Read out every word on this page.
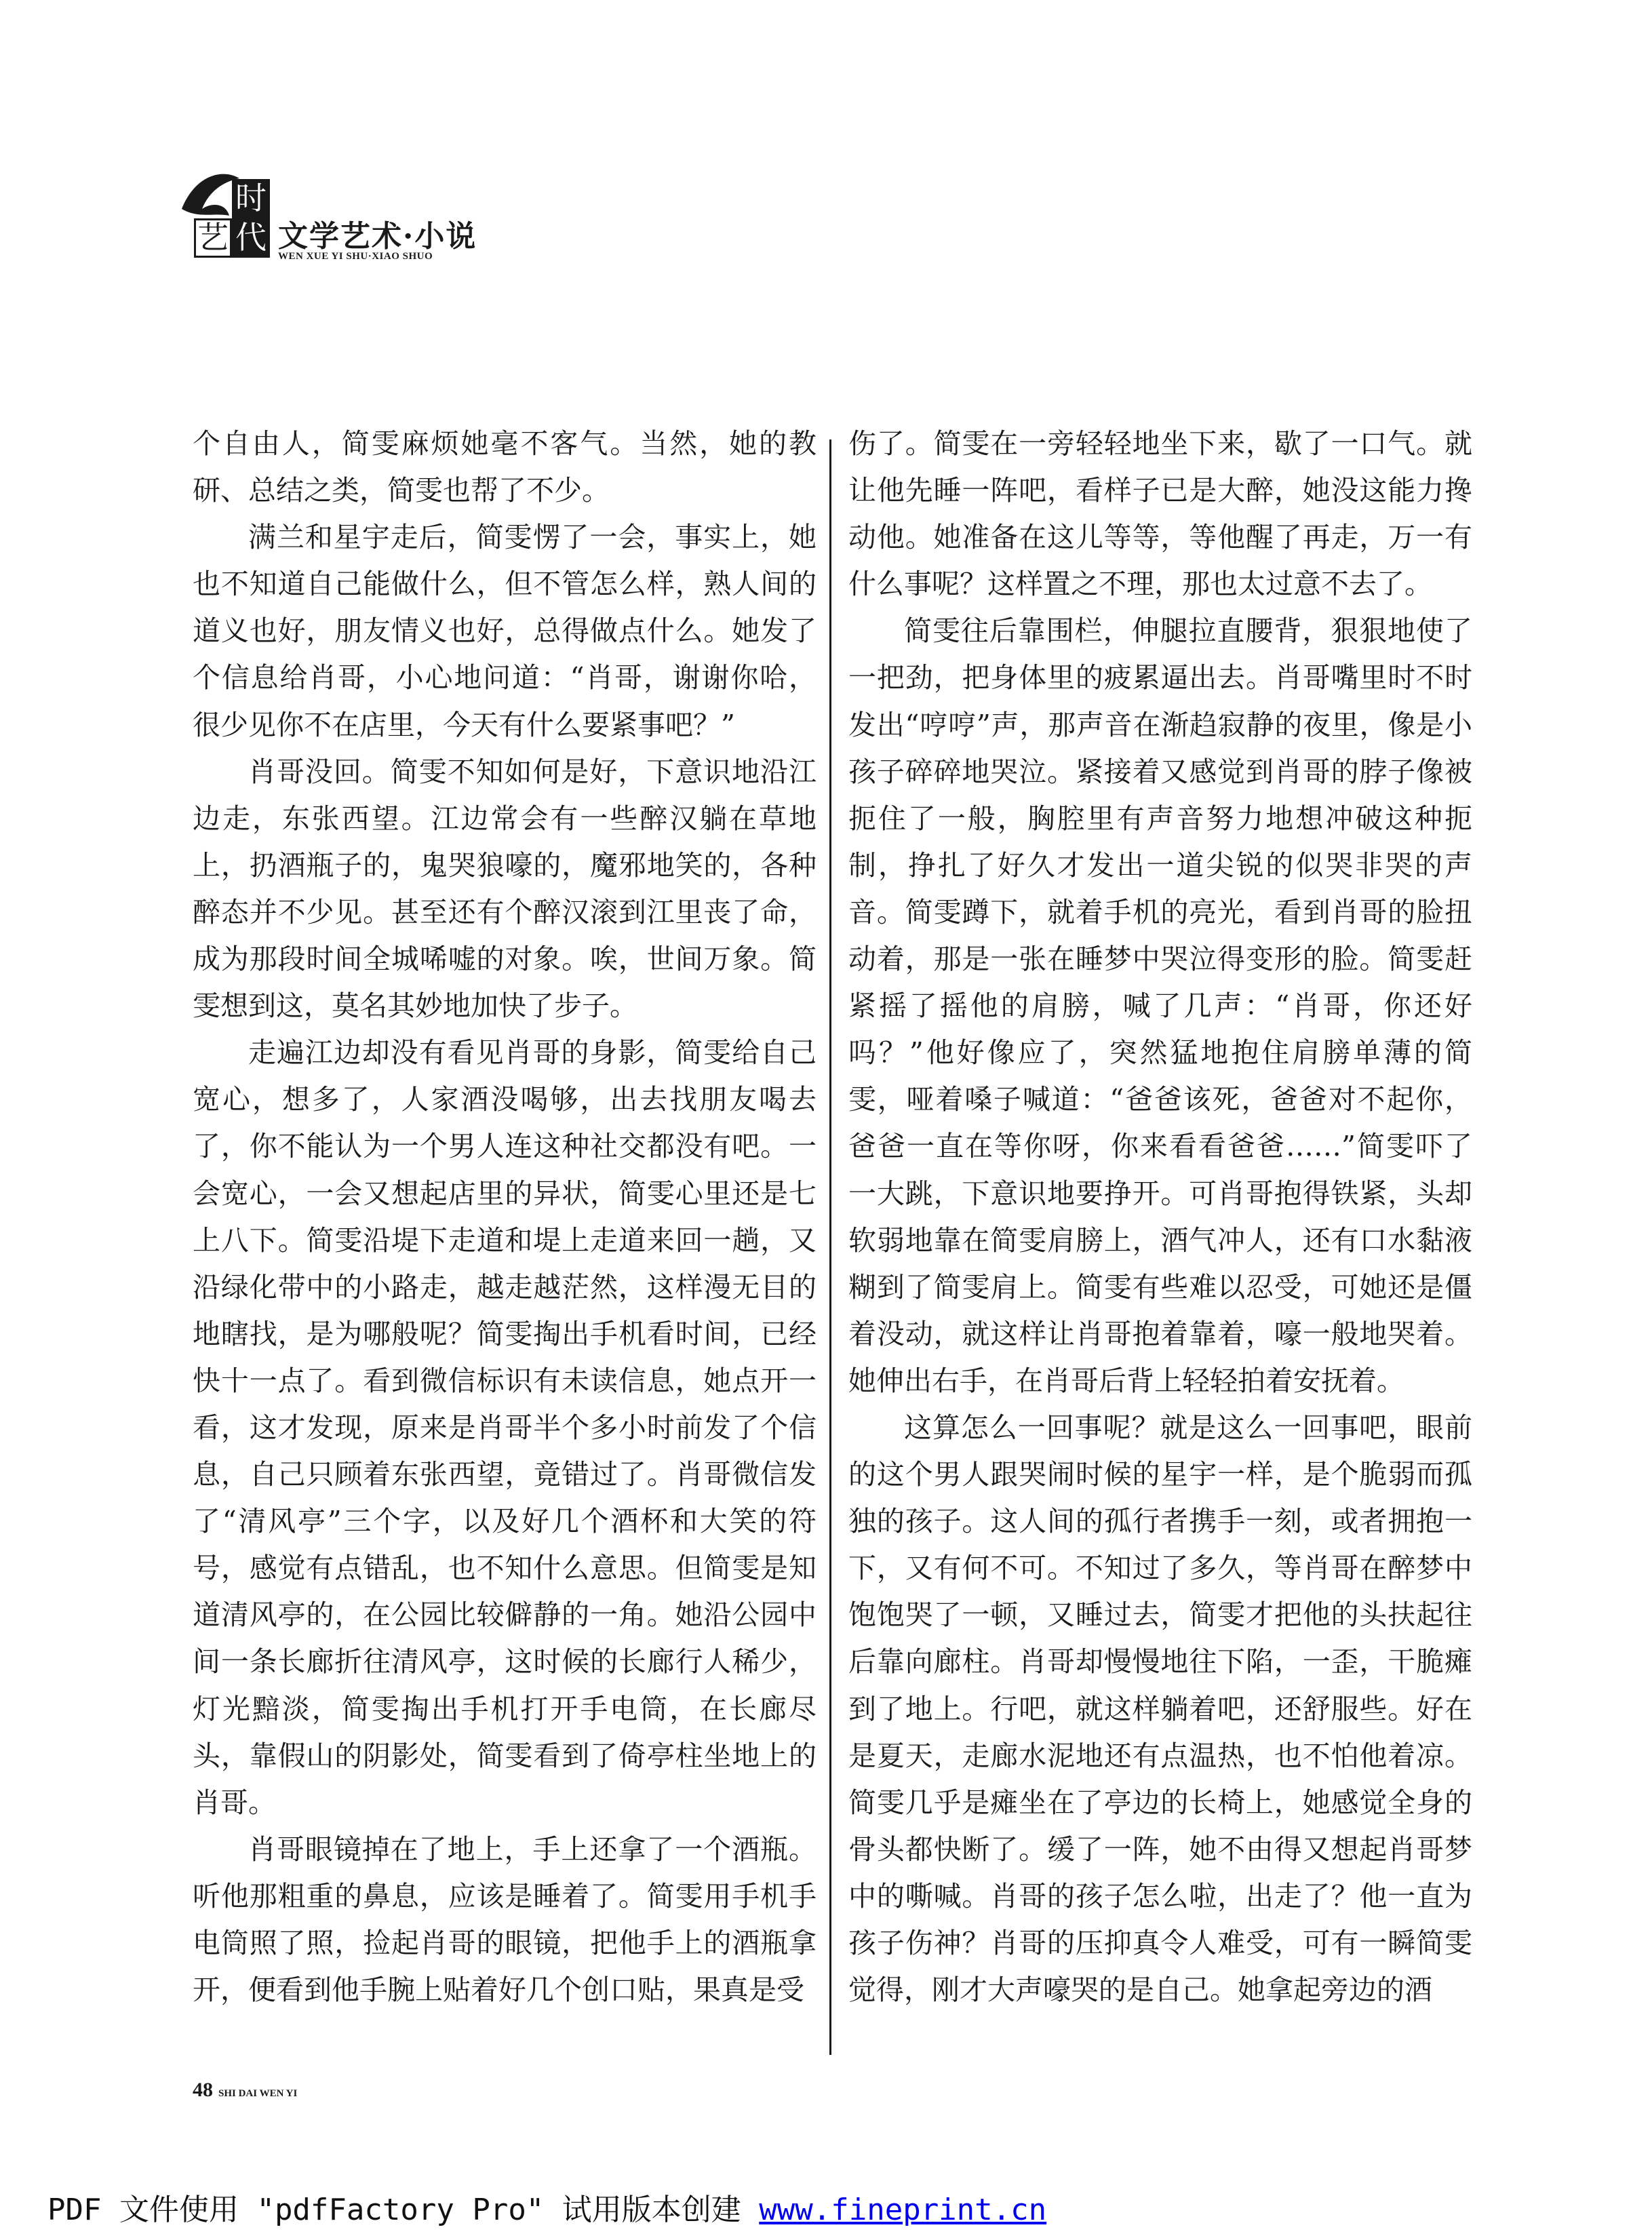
时
艺 代 文学艺术·小说
WEN XUE YI SHU·XIAO SHUO

个自由人，简雯麻烦她毫不客气。当然，她的教研、总结之类，简雯也帮了不少。

满兰和星宇走后，简雯愣了一会，事实上，她也不知道自己能做什么，但不管怎么样，熟人间的道义也好，朋友情义也好，总得做点什么。她发了个信息给肖哥，小心地问道：“肖哥，谢谢你哈，很少见你不在店里，今天有什么要紧事吧？”

肖哥没回。简雯不知如何是好，下意识地沿江边走，东张西望。江边常会有一些醉汉躺在草地上，扔酒瓶子的，鬼哭狼嚎的，魔邪地笑的，各种醉态并不少见。甚至还有个醉汉滚到江里丧了命，成为那段时间全城唏嘘的对象。唉，世间万象。简雯想到这，莫名其妙地加快了步子。

走遍江边却没有看见肖哥的身影，简雯给自己宽心，想多了，人家酒没喝够，出去找朋友喝去了，你不能认为一个男人连这种社交都没有吧。一会宽心，一会又想起店里的异状，简雯心里还是七上八下。简雯沿堤下走道和堤上走道来回一趟，又沿绿化带中的小路走，越走越茫然，这样漫无目的地瞎找，是为哪般呢？简雯掏出手机看时间，已经快十一点了。看到微信标识有未读信息，她点开一看，这才发现，原来是肖哥半个多小时前发了个信息，自己只顾着东张西望，竟错过了。肖哥微信发了“清风亭”三个字，以及好几个酒杯和大笑的符号，感觉有点错乱，也不知什么意思。但简雯是知道清风亭的，在公园比较僻静的一角。她沿公园中间一条长廊折往清风亭，这时候的长廊行人稀少，灯光黯淡，简雯掏出手机打开手电筒，在长廊尽头，靠假山的阴影处，简雯看到了倚亭柱坐地上的肖哥。

肖哥眼镜掉在了地上，手上还拿了一个酒瓶。听他那粗重的鼻息，应该是睡着了。简雯用手机手电筒照了照，捡起肖哥的眼镜，把他手上的酒瓶拿开，便看到他手腕上贴着好几个创口贴，果真是受

伤了。简雯在一旁轻轻地坐下来，歇了一口气。就让他先睡一阵吧，看样子已是大醉，她没这能力搀动他。她准备在这儿等等，等他醒了再走，万一有什么事呢？这样置之不理，那也太过意不去了。

简雯往后靠围栏，伸腿拉直腰背，狠狠地使了一把劲，把身体里的疲累逼出去。肖哥嘴里时不时发出“哼哼”声，那声音在渐趋寂静的夜里，像是小孩子碎碎地哭泣。紧接着又感觉到肖哥的脖子像被扼住了一般，胸腔里有声音努力地想冲破这种扼制，挣扎了好久才发出一道尖锐的似哭非哭的声音。简雯蹲下，就着手机的亮光，看到肖哥的脸扭动着，那是一张在睡梦中哭泣得变形的脸。简雯赶紧摇了摇他的肩膀，喊了几声：“肖哥，你还好吗？”他好像应了，突然猛地抱住肩膀单薄的简雯，哑着嗓子喊道：“爸爸该死，爸爸对不起你，爸爸一直在等你呀，你来看看爸爸……”简雯吓了一大跳，下意识地要挣开。可肖哥抱得铁紧，头却软弱地靠在简雯肩膀上，酒气冲人，还有口水黏液糊到了简雯肩上。简雯有些难以忍受，可她还是僵着没动，就这样让肖哥抱着靠着，嚎一般地哭着。她伸出右手，在肖哥后背上轻轻拍着安抚着。

这算怎么一回事呢？就是这么一回事吧，眼前的这个男人跟哭闹时候的星宇一样，是个脆弱而孤独的孩子。这人间的孤行者携手一刻，或者拥抱一下，又有何不可。不知过了多久，等肖哥在醉梦中饱饱哭了一顿，又睡过去，简雯才把他的头扶起往后靠向廊柱。肖哥却慢慢地往下陷，一歪，干脆瘫到了地上。行吧，就这样躺着吧，还舒服些。好在是夏天，走廊水泥地还有点温热，也不怕他着凉。简雯几乎是瘫坐在了亭边的长椅上，她感觉全身的骨头都快断了。缓了一阵，她不由得又想起肖哥梦中的嘶喊。肖哥的孩子怎么啦，出走了？他一直为孩子伤神？肖哥的压抑真令人难受，可有一瞬简雯觉得，刚才大声嚎哭的是自己。她拿起旁边的酒

48 SHI DAI WEN YI
PDF 文件使用 "pdfFactory Pro" 试用版本创建 www.fineprint.cn
